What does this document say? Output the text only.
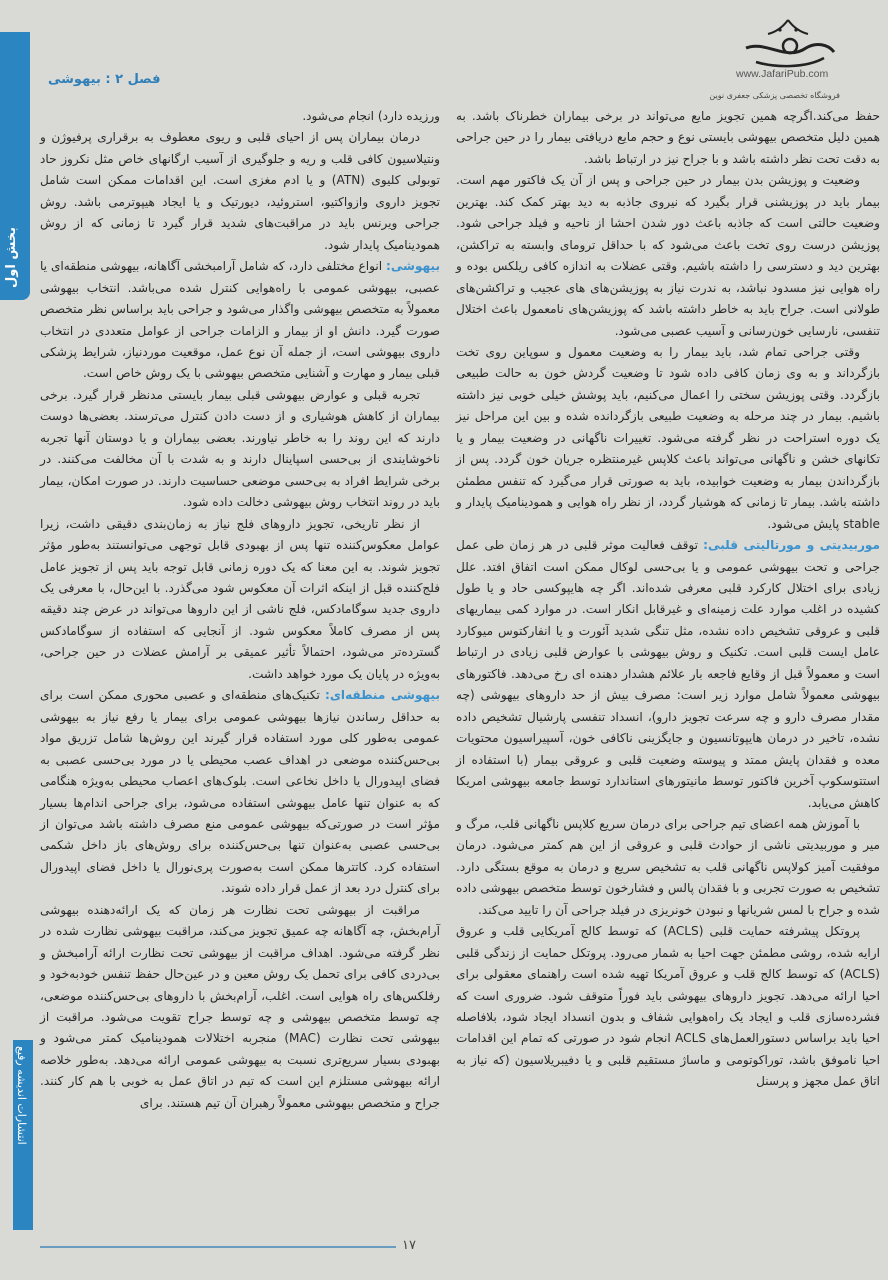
بخش اول
انتشارات اندیشه رفیع
www.JafariPub.com
فروشگاه تخصصی پزشکی جعفری نوین
فصل ۲ : بیهوشی

حفظ می‌کند.اگرچه همین تجویز مایع می‌تواند در برخی بیماران خطرناک باشد. به همین دلیل متخصص بیهوشی بایستی نوع و حجم مایع دریافتی بیمار را در حین جراحی به دقت تحت نظر داشته باشد و با جراح نیز در ارتباط باشد.

وضعیت و پوزیشن بدن بیمار در حین جراحی و پس از آن یک فاکتور مهم است. بیمار باید در پوزیشنی قرار بگیرد که نیروی جاذبه به دید بهتر کمک کند. بهترین وضعیت حالتی است که جاذبه باعث دور شدن احشا از ناحیه و فیلد جراحی شود. پوزیشن درست روی تخت باعث می‌شود که با حداقل ترومای وابسته به تراکشن، بهترین دید و دسترسی را داشته باشیم. وقتی عضلات به اندازه کافی ریلکس بوده و راه هوایی نیز مسدود نباشد، به ندرت نیاز به پوزیشن‌های های عجیب و تراکشن‌های طولانی است. جراح باید به خاطر داشته باشد که پوزیشن‌های نامعمول باعث اختلال تنفسی، نارسایی خون‌رسانی و آسیب عصبی می‌شود.

وقتی جراحی تمام شد، باید بیمار را به وضعیت معمول و سوپاین روی تخت بازگرداند و به وی زمان کافی داده شود تا وضعیت گردش خون به حالت طبیعی بازگردد. وقتی پوزیشن سختی را اعمال می‌کنیم، باید پوشش خیلی خوبی نیز داشته باشیم. بیمار در چند مرحله به وضعیت طبیعی بازگردانده شده و بین این مراحل نیز یک دوره استراحت در نظر گرفته می‌شود. تغییرات ناگهانی در وضعیت بیمار و یا تکانهای خشن و ناگهانی می‌تواند باعث کلاپس غیرمنتظره جریان خون گردد. پس از بازگرداندن بیمار به وضعیت خوابیده، باید به صورتی قرار می‌گیرد که تنفس مطمئن داشته باشد. بیمار تا زمانی که هوشیار گردد، از نظر راه هوایی و همودینامیک پایدار و stable پایش می‌شود.

موربیدیتی و مورتالیتی قلبی: توقف فعالیت موثر قلبی در هر زمان طی عمل جراحی و تحت بیهوشی عمومی و یا بی‌حسی لوکال ممکن است اتفاق افتد. علل زیادی برای اختلال کارکرد قلبی معرفی شده‌اند. اگر چه هایپوکسی حاد و یا طول کشیده در اغلب موارد علت زمینه‌ای و غیرقابل انکار است. در موارد کمی بیماریهای قلبی و عروقی تشخیص داده نشده، مثل تنگی شدید آئورت و یا انفارکتوس میوکارد عامل ایست قلبی است. تکنیک و روش بیهوشی با عوارض قلبی زیادی در ارتباط است و معمولاً قبل از وقایع فاجعه بار علائم هشدار دهنده ای رخ می‌دهد. فاکتورهای بیهوشی معمولاً شامل موارد زیر است: مصرف بیش از حد داروهای بیهوشی (چه مقدار مصرف دارو و چه سرعت تجویز دارو)، انسداد تنفسی پارشیال تشخیص داده نشده، تاخیر در درمان هایپوتانسیون و جایگزینی ناکافی خون، آسپیراسیون محتویات معده و فقدان پایش ممتد و پیوسته وضعیت قلبی و عروقی بیمار (با استفاده از استتوسکوپ آخرین فاکتور توسط مانیتورهای استاندارد توسط جامعه بیهوشی امریکا کاهش می‌یابد.

با آموزش همه اعضای تیم جراحی برای درمان سریع کلاپس ناگهانی قلب، مرگ و میر و موربیدیتی ناشی از حوادث قلبی و عروقی از این هم کمتر می‌شود. درمان موفقیت آمیز کولاپس ناگهانی قلب به تشخیص سریع و درمان به موقع بستگی دارد. تشخیص به صورت تجربی و با فقدان پالس و فشارخون توسط متخصص بیهوشی داده شده و جراح با لمس شریانها و نبودن خونریزی در فیلد جراحی آن را تایید می‌کند.

پروتکل پیشرفته حمایت قلبی (ACLS) که توسط کالج آمریکایی قلب و عروق ارایه شده، روشی مطمئن جهت احیا به شمار می‌رود. پروتکل حمایت از زندگی قلبی (ACLS) که توسط کالج قلب و عروق آمریکا تهیه شده است راهنمای معقولی برای احیا ارائه می‌دهد. تجویز داروهای بیهوشی باید فوراً متوقف شود. ضروری است که فشرده‌سازی قلب و ایجاد یک راه‌هوایی شفاف و بدون انسداد ایجاد شود، بلافاصله احیا باید براساس دستورالعمل‌های ACLS انجام شود در صورتی که تمام این اقدامات احیا ناموفق باشد، توراکوتومی و ماساژ مستقیم قلبی و یا دفیبریلاسیون (که نیاز به اتاق عمل مجهز و پرسنل

ورزیده دارد) انجام می‌شود.

درمان بیماران پس از احیای قلبی و ریوی معطوف به برقراری پرفیوژن و ونتیلاسیون کافی قلب و ریه و جلوگیری از آسیب ارگانهای خاص مثل نکروز حاد توبولی کلیوی (ATN) و یا ادم مغزی است. این اقدامات ممکن است شامل تجویز داروی وازواکتیو، استروئید، دیورتیک و یا ایجاد هیپوترمی باشد. روش جراحی ویرنس باید در مراقبت‌های شدید قرار گیرد تا زمانی که از روش همودینامیک پایدار شود.

بیهوشی: انواع مختلفی دارد، که شامل آرامبخشی آگاهانه، بیهوشی منطقه‌ای یا عصبی، بیهوشی عمومی با راه‌هوایی کنترل شده می‌باشد. انتخاب بیهوشی معمولاً به متخصص بیهوشی واگذار می‌شود و جراحی باید براساس نظر متخصص صورت گیرد. دانش او از بیمار و الزامات جراحی از عوامل متعددی در انتخاب داروی بیهوشی است، از جمله آن نوع عمل، موقعیت موردنیاز، شرایط پزشکی قبلی بیمار و مهارت و آشنایی متخصص بیهوشی با یک روش خاص است.

تجربه قبلی و عوارض بیهوشی قبلی بیمار بایستی مدنظر قرار گیرد. برخی بیماران از کاهش هوشیاری و از دست دادن کنترل می‌ترسند. بعضی‌ها دوست دارند که این روند را به خاطر نیاورند. بعضی بیماران و یا دوستان آنها تجربه ناخوشایندی از بی‌حسی اسپاینال دارند و به شدت با آن مخالفت می‌کنند. در برخی شرایط افراد به بی‌حسی موضعی حساسیت دارند. در صورت امکان، بیمار باید در روند انتخاب روش بیهوشی دخالت داده شود.

از نظر تاریخی، تجویز داروهای فلج نیاز به زمان‌بندی دقیقی داشت، زیرا عوامل معکوس‌کننده تنها پس از بهبودی قابل توجهی می‌توانستند به‌طور مؤثر تجویز شوند. به این معنا که یک دوره زمانی قابل توجه باید پس از تجویز عامل فلج‌کننده قبل از اینکه اثرات آن معکوس شود می‌گذرد. با این‌حال، با معرفی یک داروی جدید سوگامادکس، فلج ناشی از این داروها می‌تواند در عرض چند دقیقه پس از مصرف کاملاً معکوس شود. از آنجایی که استفاده از سوگامادکس گسترده‌تر می‌شود، احتمالاً تأثیر عمیقی بر آرامش عضلات در حین جراحی، به‌ویژه در پایان یک مورد خواهد داشت.

بیهوشی منطقه‌ای: تکنیک‌های منطقه‌ای و عصبی محوری ممکن است برای به حداقل رساندن نیازها بیهوشی عمومی برای بیمار یا رفع نیاز به بیهوشی عمومی به‌طور کلی مورد استفاده قرار گیرند این روش‌ها شامل تزریق مواد بی‌حس‌کننده موضعی در اهداف عصب محیطی یا در مورد بی‌حسی عصبی به فضای اپیدورال یا داخل نخاعی است. بلوک‌های اعصاب محیطی به‌ویژه هنگامی که به عنوان تنها عامل بیهوشی استفاده می‌شود، برای جراحی اندام‌ها بسیار مؤثر است در صورتی‌که بیهوشی عمومی منع مصرف داشته باشد می‌توان از بی‌حسی عصبی به‌عنوان تنها بی‌حس‌کننده برای روش‌های باز داخل شکمی استفاده کرد. کاتترها ممکن است به‌صورت پری‌نورال یا داخل فضای اپیدورال برای کنترل درد بعد از عمل قرار داده شوند.

مراقبت از بیهوشی تحت نظارت هر زمان که یک ارائه‌دهنده بیهوشی آرام‌بخش، چه آگاهانه چه عمیق تجویز می‌کند، مراقبت بیهوشی نظارت شده در نظر گرفته می‌شود. اهداف مراقبت از بیهوشی تحت نظارت ارائه آرامبخش و بی‌دردی کافی برای تحمل یک روش معین و در عین‌حال حفظ تنفس خودبه‌خود و رفلکس‌های راه هوایی است. اغلب، آرام‌بخش با داروهای بی‌حس‌کننده موضعی، چه توسط متخصص بیهوشی و چه توسط جراح تقویت می‌شود. مراقبت از بیهوشی تحت نظارت (MAC) منجربه اختلالات همودینامیک کمتر می‌شود و بهبودی بسیار سریع‌تری نسبت به بیهوشی عمومی ارائه می‌دهد. به‌طور خلاصه ارائه بیهوشی مستلزم این است که تیم در اتاق عمل به خوبی با هم کار کنند. جراح و متخصص بیهوشی معمولاً رهبران آن تیم هستند. برای

۱۷
